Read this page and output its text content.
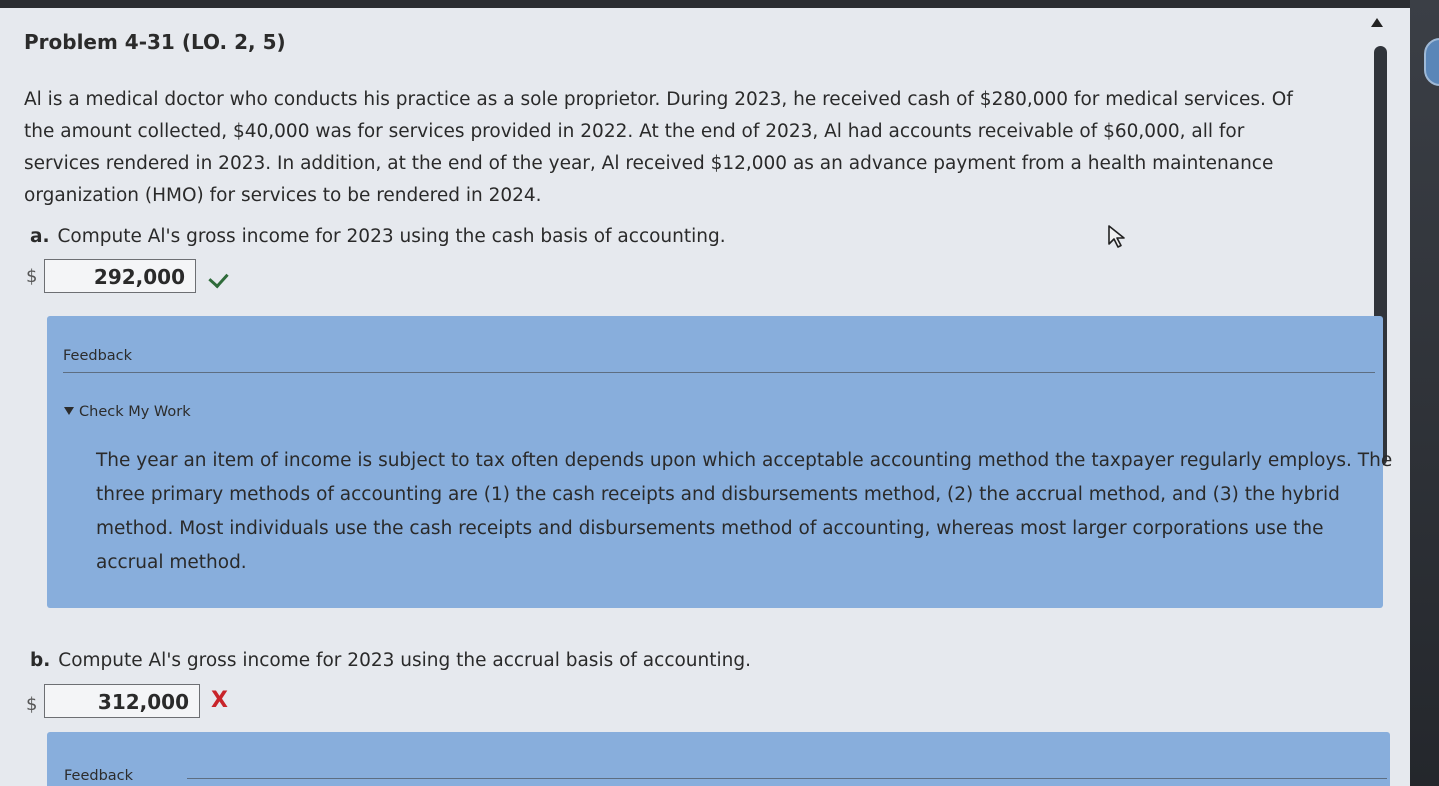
Problem 4-31 (LO. 2, 5)

Al is a medical doctor who conducts his practice as a sole proprietor. During 2023, he received cash of $280,000 for medical services. Of the amount collected, $40,000 was for services provided in 2022. At the end of 2023, Al had accounts receivable of $60,000, all for services rendered in 2023. In addition, at the end of the year, Al received $12,000 as an advance payment from a health maintenance organization (HMO) for services to be rendered in 2024.

a. Compute Al's gross income for 2023 using the cash basis of accounting.
$	292,000
Feedback
Check My Work

The year an item of income is subject to tax often depends upon which acceptable accounting method the taxpayer regularly employs. The three primary methods of accounting are (1) the cash receipts and disbursements method, (2) the accrual method, and (3) the hybrid method. Most individuals use the cash receipts and disbursements method of accounting, whereas most larger corporations use the accrual method.

b. Compute Al's gross income for 2023 using the accrual basis of accounting.
$	312,000	X
Feedback
